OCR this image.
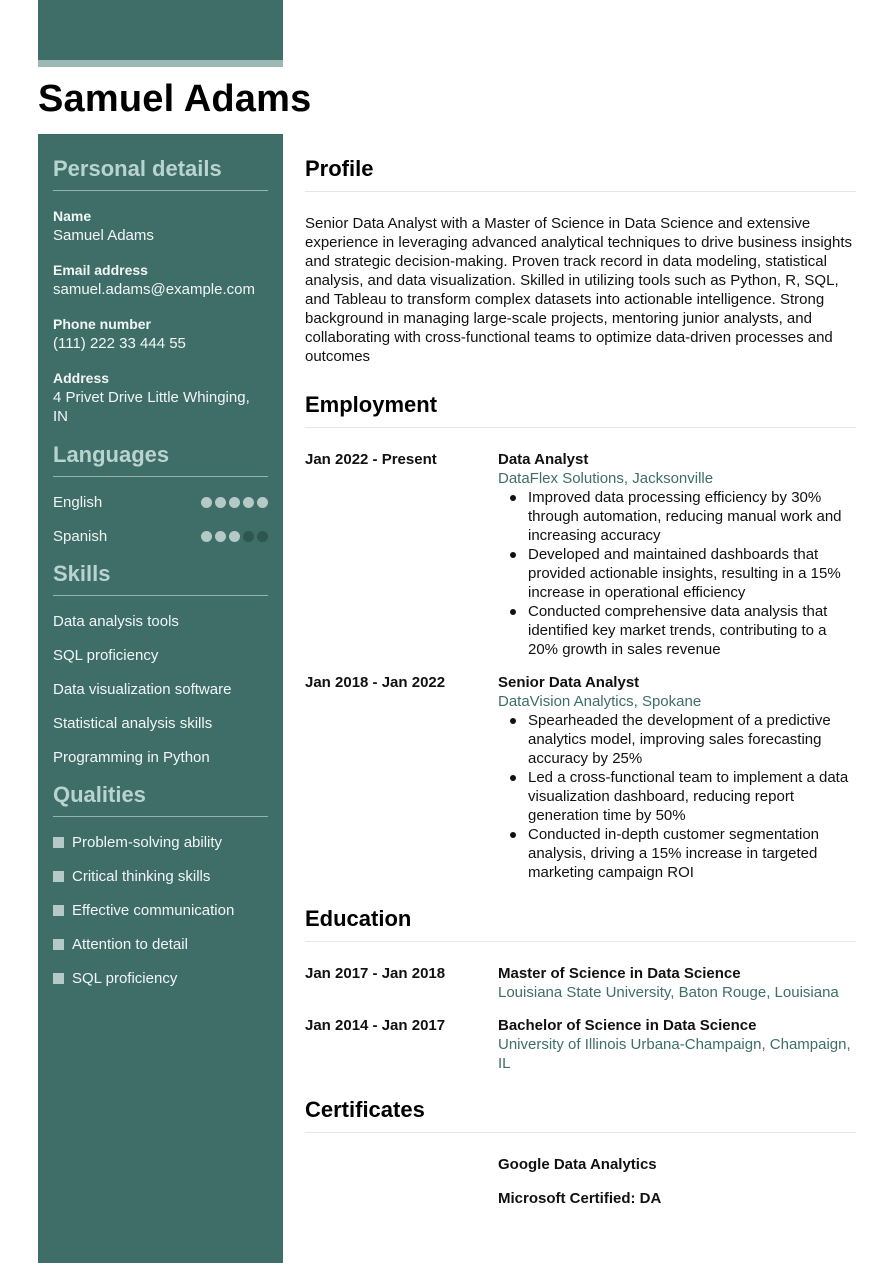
Samuel Adams
Personal details
Name
Samuel Adams
Email address
samuel.adams@example.com
Phone number
(111) 222 33 444 55
Address
4 Privet Drive Little Whinging, IN
Languages
English
Spanish
Skills
Data analysis tools
SQL proficiency
Data visualization software
Statistical analysis skills
Programming in Python
Qualities
Problem-solving ability
Critical thinking skills
Effective communication
Attention to detail
SQL proficiency
Profile

Senior Data Analyst with a Master of Science in Data Science and extensive experience in leveraging advanced analytical techniques to drive business insights and strategic decision-making. Proven track record in data modeling, statistical analysis, and data visualization. Skilled in utilizing tools such as Python, R, SQL, and Tableau to transform complex datasets into actionable intelligence. Strong background in managing large-scale projects, mentoring junior analysts, and collaborating with cross-functional teams to optimize data-driven processes and outcomes

Employment
Jan 2022 - Present	Data Analyst
DataFlex Solutions, Jacksonville
Improved data processing efficiency by 30% through automation, reducing manual work and increasing accuracy
Developed and maintained dashboards that provided actionable insights, resulting in a 15% increase in operational efficiency
Conducted comprehensive data analysis that identified key market trends, contributing to a 20% growth in sales revenue
Jan 2018 - Jan 2022	Senior Data Analyst
DataVision Analytics, Spokane
Spearheaded the development of a predictive analytics model, improving sales forecasting accuracy by 25%
Led a cross-functional team to implement a data visualization dashboard, reducing report generation time by 50%
Conducted in-depth customer segmentation analysis, driving a 15% increase in targeted marketing campaign ROI
Education
Jan 2017 - Jan 2018	Master of Science in Data Science
Louisiana State University, Baton Rouge, Louisiana
Jan 2014 - Jan 2017	Bachelor of Science in Data Science
University of Illinois Urbana-Champaign, Champaign, IL
Certificates
Google Data Analytics
Microsoft Certified: DA
